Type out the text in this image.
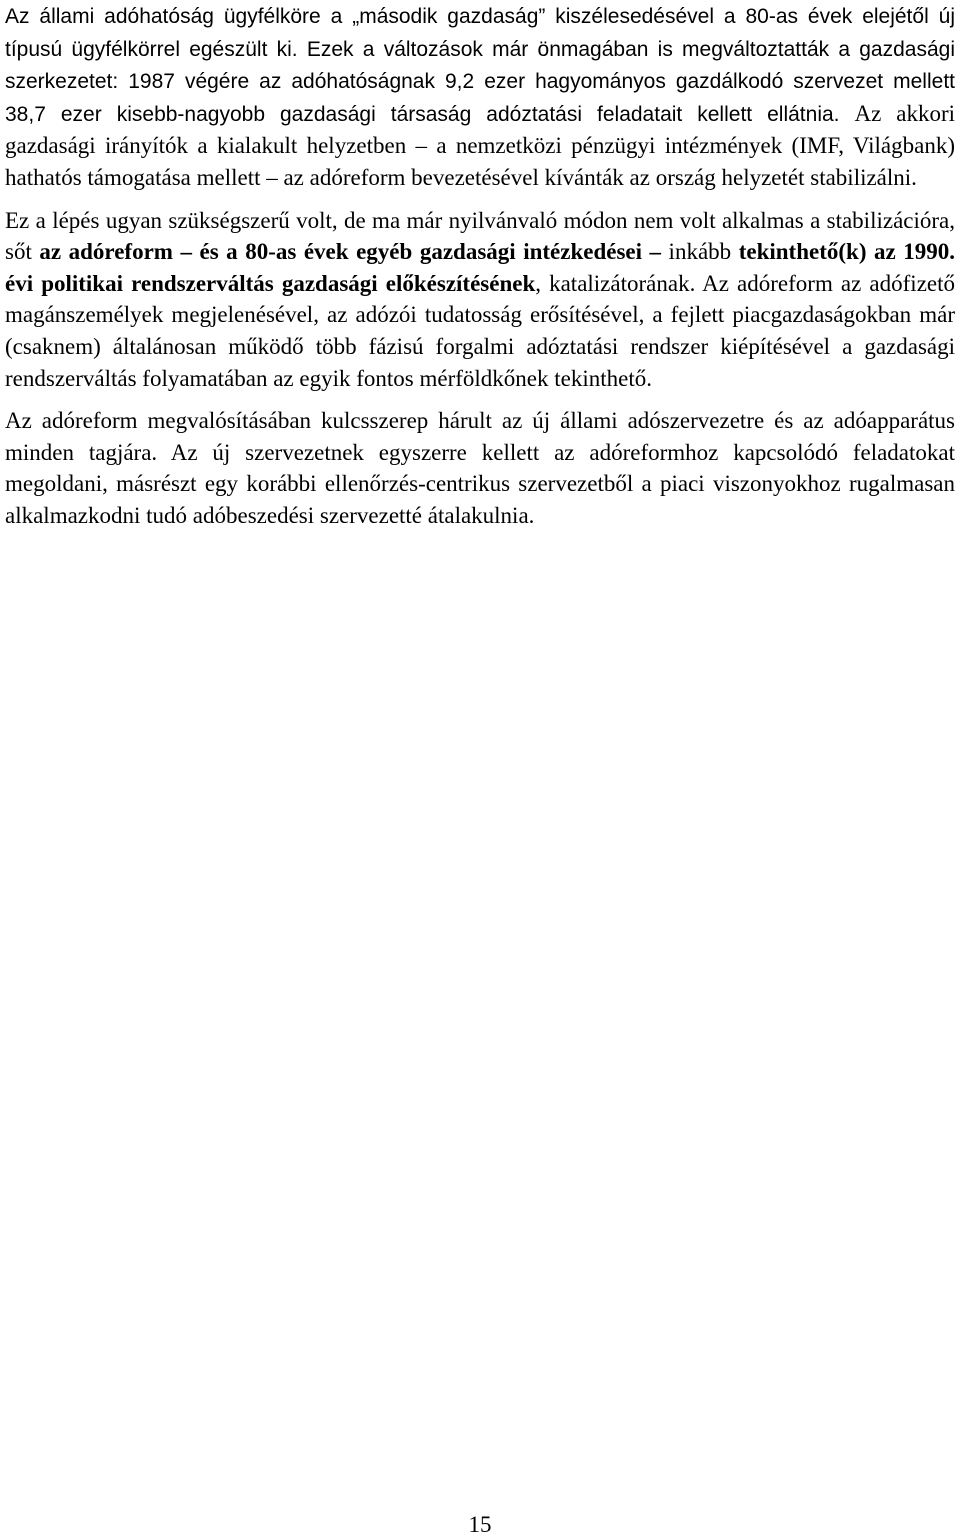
Az állami adóhatóság ügyfélköre a „második gazdaság” kiszélesedésével a 80-as évek elejétől új típusú ügyfélkörrel egészült ki. Ezek a változások már önmagában is megváltoztatták a gazdasági szerkezetet: 1987 végére az adóhatóságnak 9,2 ezer hagyományos gazdálkodó szervezet mellett 38,7 ezer kisebb-nagyobb gazdasági társaság adóztatási feladatait kellett ellátnia. Az akkori gazdasági irányítók a kialakult helyzetben – a nemzetközi pénzügyi intézmények (IMF, Világbank) hathatós támogatása mellett – az adóreform bevezetésével kívánták az ország helyzetét stabilizálni.

Ez a lépés ugyan szükségszerű volt, de ma már nyilvánvaló módon nem volt alkalmas a stabilizációra, sőt az adóreform – és a 80-as évek egyéb gazdasági intézkedései – inkább tekinthető(k) az 1990. évi politikai rendszerváltás gazdasági előkészítésének, katalizátorának. Az adóreform az adófizető magánszemélyek megjelenésével, az adózói tudatosság erősítésével, a fejlett piacgazdaságokban már (csaknem) általánosan működő több fázisú forgalmi adóztatási rendszer kiépítésével a gazdasági rendszerváltás folyamatában az egyik fontos mérföldkőnek tekinthető.

Az adóreform megvalósításában kulcsszerep hárult az új állami adószervezetre és az adóapparátus minden tagjára. Az új szervezetnek egyszerre kellett az adóreformhoz kapcsolódó feladatokat megoldani, másrészt egy korábbi ellenőrzés-centrikus szervezetből a piaci viszonyokhoz rugalmasan alkalmazkodni tudó adóbeszedési szervezetté átalakulnia.

15
